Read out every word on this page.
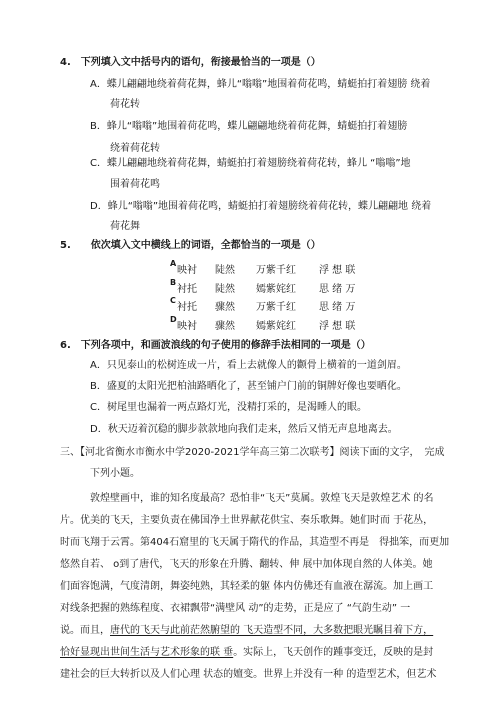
4.　下列填入文中括号内的语句，衔接最恰当的一项是（）
A．蝶儿翩翩地绕着荷花舞，蜂儿“嗡嗡”地围着荷花鸣，蜻蜓拍打着翅膀 绕着
荷花转
B．蜂儿“嗡嗡”地围着荷花鸣，蝶儿翩翩地绕着荷花舞，蜻蜓拍打着翅膀
绕着荷花转
C．蝶儿翩翩地绕着荷花舞，蜻蜓拍打着翅膀绕着荷花转，蜂儿 “嗡嗡”地
围着荷花鸣
D．蜂儿“嗡嗡”地围着荷花鸣，蜻蜓拍打着翅膀绕着荷花转，蝶儿翩翩地 绕着
荷花舞
5.　　依次填入文中横线上的词语，全都恰当的一项是（）
A
映衬 陡然 万紫千红 浮 想 联
B
衬托 陡然 嫣紫姹红 思 绪 万
C
衬托 骤然 万紫千红 思 绪 万
D
映衬 骤然 嫣紫姹红 浮 想 联
6.　下列各项中，和画波浪线的句子使用的修辞手法相同的一项是（）
A．只见泰山的松树连成一片，看上去就像人的颧骨上横着的一道剑眉。
B．盛夏的太阳光把柏油路晒化了，甚至铺户门前的铜牌好像也要晒化。
C．树尾里也漏着一两点路灯光，没精打采的，是渴睡人的眼。
D．秋天迈着沉稳的脚步款款地向我们走来，然后又悄无声息地离去。
三、【河北省衡水市衡水中学2020-2021学年高三第二次联考】阅读下面的文字，　完成
下列小题。
敦煌壁画中，谁的知名度最高？恐怕非“飞天”莫属。敦煌飞天是敦煌艺术 的名
片。优美的飞天，主要负责在佛国净土世界献花供宝、奏乐歌舞。她们时而 于花丛，
时而飞翔于云霄。第404石窟里的飞天属于隋代的作品，其造型不再是　得拙笨，而更加
悠然自若、 o到了唐代，飞天的形象在升腾、翻转、伸 展中加体现自然的人体美。她
们面容饱满，气度清朗，舞姿纯熟，其轻柔的躯 体内仿佛还有血液在潺流。加上画工
对线条把握的熟练程度、衣裙飘带“满壁风 动”的走势，正是应了 “气韵生动” 一
说。而且，唐代的飞天与此前茫然腑望的 飞天造型不同，大多数把眼光瞩目着下方，
恰好显现出世间生活与艺术形象的联 垂。实际上，飞天创作的踵事变迁，反映的是封
建社会的巨大转折以及人们心理 状态的嬗变。世界上并没有一种 的造型艺术，但艺术
